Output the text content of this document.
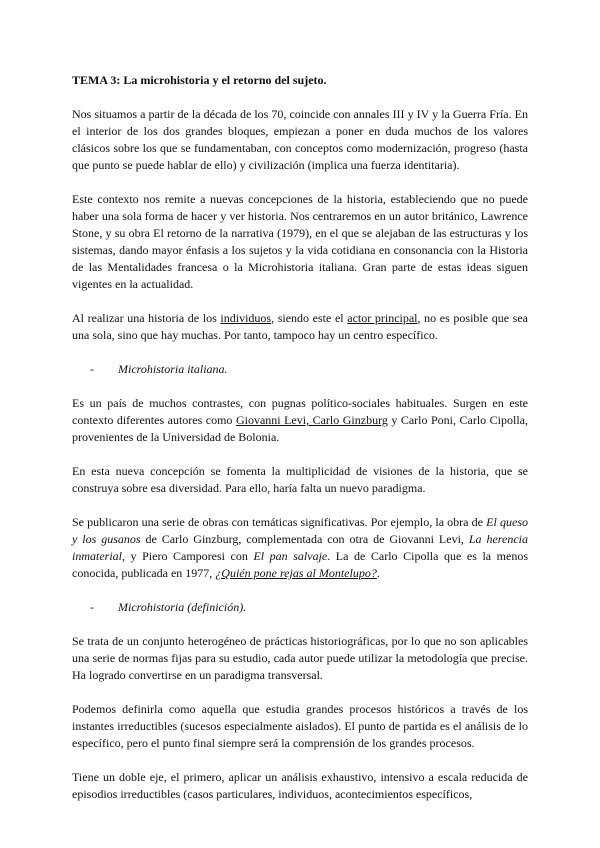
TEMA 3: La microhistoria y el retorno del sujeto.

Nos situamos a partir de la década de los 70, coincide con annales III y IV y la Guerra Fría. En el interior de los dos grandes bloques, empiezan a poner en duda muchos de los valores clásicos sobre los que se fundamentaban, con conceptos como modernización, progreso (hasta que punto se puede hablar de ello) y civilización (implica una fuerza identitaria).

Este contexto nos remite a nuevas concepciones de la historia, estableciendo que no puede haber una sola forma de hacer y ver historia. Nos centraremos en un autor británico, Lawrence Stone, y su obra El retorno de la narrativa (1979), en el que se alejaban de las estructuras y los sistemas, dando mayor énfasis a los sujetos y la vida cotidiana en consonancia con la Historia de las Mentalidades francesa o la Microhistoria italiana. Gran parte de estas ideas siguen vigentes en la actualidad.

Al realizar una historia de los individuos, siendo este el actor principal, no es posible que sea una sola, sino que hay muchas. Por tanto, tampoco hay un centro específico.

-	Microhistoria italiana.

Es un país de muchos contrastes, con pugnas político-sociales habituales. Surgen en este contexto diferentes autores como Giovanni Levi, Carlo Ginzburg y Carlo Poni, Carlo Cipolla, provenientes de la Universidad de Bolonia.

En esta nueva concepción se fomenta la multiplicidad de visiones de la historia, que se construya sobre esa diversidad. Para ello, haría falta un nuevo paradigma.

Se publicaron una serie de obras con temáticas significativas. Por ejemplo, la obra de El queso y los gusanos de Carlo Ginzburg, complementada con otra de Giovanni Levi, La herencia inmaterial, y Piero Camporesi con El pan salvaje. La de Carlo Cipolla que es la menos conocida, publicada en 1977, ¿Quién pone rejas al Montelupo?.

-	Microhistoria (definición).

Se trata de un conjunto heterogéneo de prácticas historiográficas, por lo que no son aplicables una serie de normas fijas para su estudio, cada autor puede utilizar la metodología que precise. Ha logrado convertirse en un paradigma transversal.

Podemos definirla como aquella que estudia grandes procesos históricos a través de los instantes irreductibles (sucesos especialmente aislados). El punto de partida es el análisis de lo específico, pero el punto final siempre será la comprensión de los grandes procesos.

Tiene un doble eje, el primero, aplicar un análisis exhaustivo, intensivo a escala reducida de episodios irreductibles (casos particulares, individuos, acontecimientos específicos,
